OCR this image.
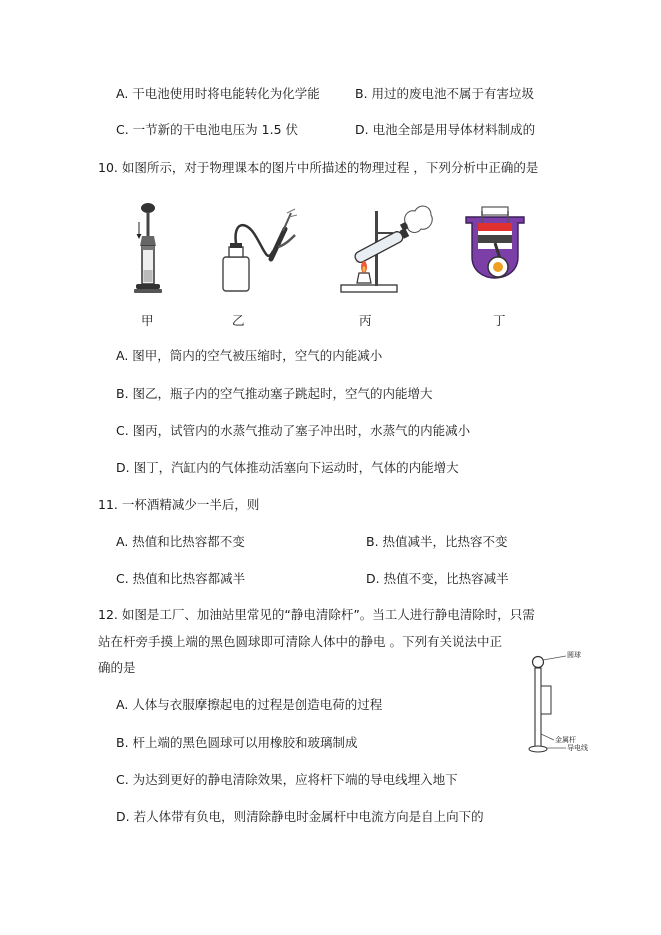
A. 干电池使用时将电能转化为化学能	B. 用过的废电池不属于有害垃圾
C. 一节新的干电池电压为 1.5 伏	D. 电池全部是用导体材料制成的
10. 如图所示，对于物理课本的图片中所描述的物理过程 ，下列分析中正确的是
甲	乙	丙	丁
A. 图甲，筒内的空气被压缩时，空气的内能减小
B. 图乙，瓶子内的空气推动塞子跳起时，空气的内能增大
C. 图丙，试管内的水蒸气推动了塞子冲出时，水蒸气的内能减小
D. 图丁，汽缸内的气体推动活塞向下运动时，气体的内能增大
11. 一杯酒精减少一半后，则
A. 热值和比热容都不变	B. 热值减半，比热容不变
C. 热值和比热容都减半	D. 热值不变，比热容减半
12. 如图是工厂、加油站里常见的“静电清除杆”。当工人进行静电清除时，只需
站在杆旁手摸上端的黑色圆球即可清除人体中的静电 。下列有关说法中正
确的是
圆球
金属杆
导电线
A. 人体与衣服摩擦起电的过程是创造电荷的过程
B. 杆上端的黑色圆球可以用橡胶和玻璃制成
C. 为达到更好的静电清除效果，应将杆下端的导电线埋入地下
D. 若人体带有负电，则清除静电时金属杆中电流方向是自上向下的
